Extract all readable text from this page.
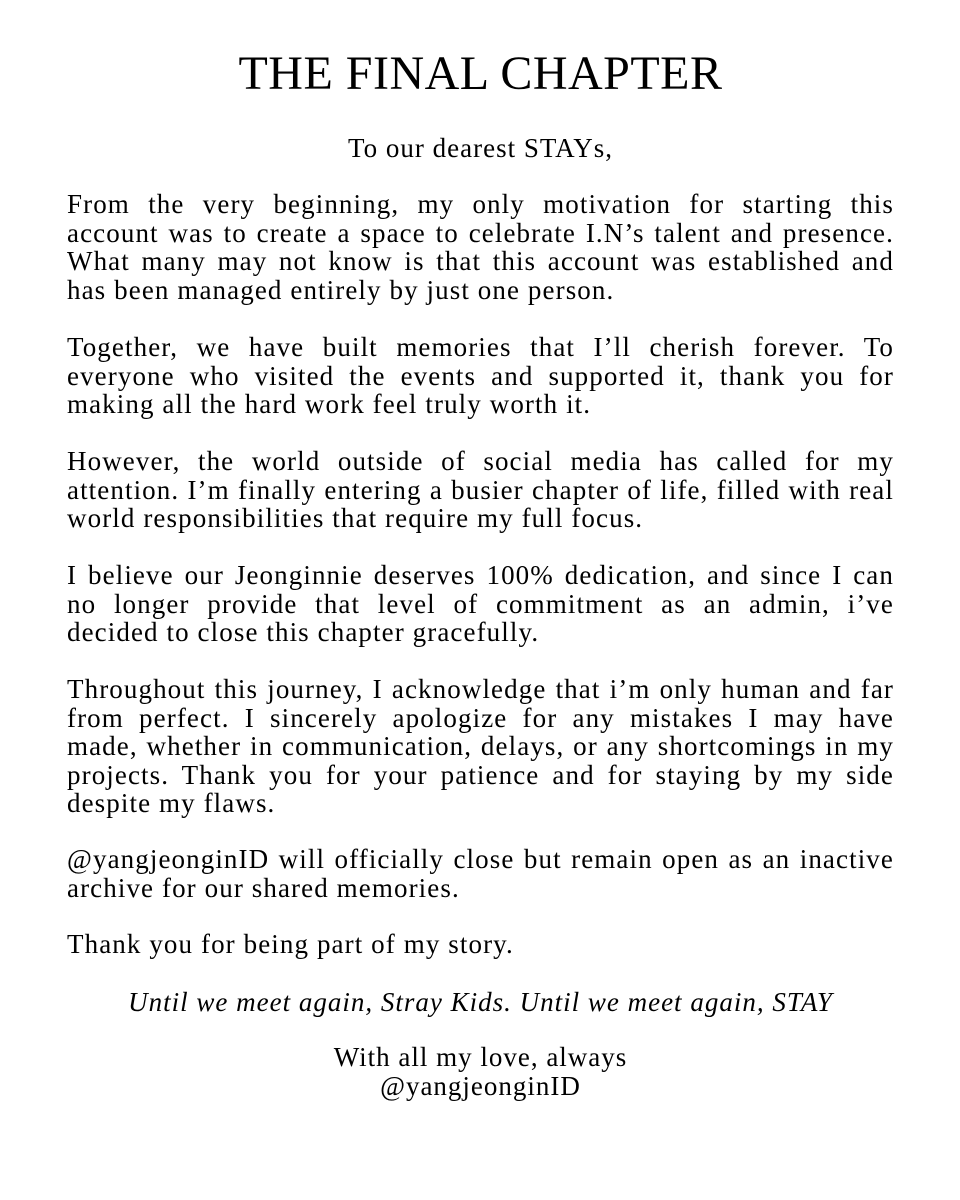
THE FINAL CHAPTER

To our dearest STAYs,

From the very beginning, my only motivation for starting this account was to create a space to celebrate I.N’s talent and presence. What many may not know is that this account was established and has been managed entirely by just one person.

Together, we have built memories that I’ll cherish forever. To everyone who visited the events and supported it, thank you for making all the hard work feel truly worth it.

However, the world outside of social media has called for my attention. I’m finally entering a busier chapter of life, filled with real world responsibilities that require my full focus.

I believe our Jeonginnie deserves 100% dedication, and since I can no longer provide that level of commitment as an admin, i’ve decided to close this chapter gracefully.

Throughout this journey, I acknowledge that i’m only human and far from perfect. I sincerely apologize for any mistakes I may have made, whether in communication, delays, or any shortcomings in my projects. Thank you for your patience and for staying by my side despite my flaws.

@yangjeonginID will officially close but remain open as an inactive archive for our shared memories.

Thank you for being part of my story.

Until we meet again, Stray Kids. Until we meet again, STAY

With all my love, always
@yangjeonginID
